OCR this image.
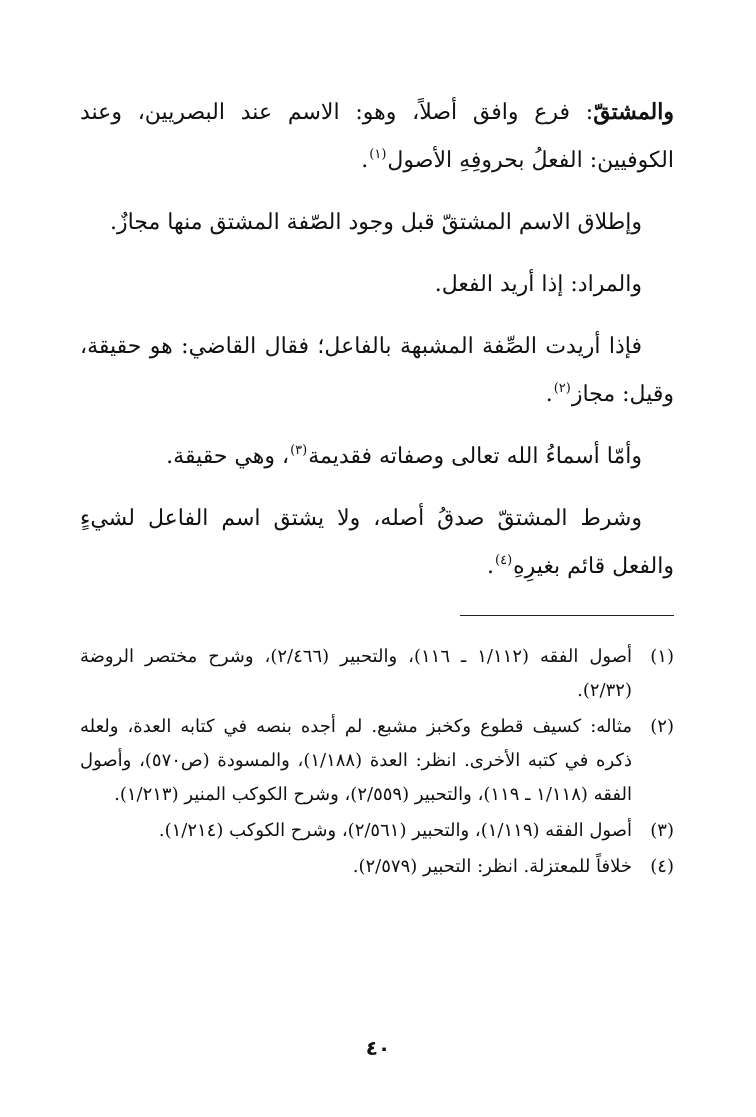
والمشتقّ: فرع وافق أصلاً، وهو: الاسم عند البصريين، وعند الكوفيين: الفعلُ بحروفِهِ الأصول$^{(١)}$.

وإطلاق الاسم المشتقّ قبل وجود الصّفة المشتق منها مجازٌ.

والمراد: إذا أريد الفعل.

فإذا أريدت الصِّفة المشبهة بالفاعل؛ فقال القاضي: هو حقيقة، وقيل: مجاز$^{(٢)}$.

وأمّا أسماءُ الله تعالى وصفاته فقديمة$^{(٣)}$، وهي حقيقة.

وشرط المشتقّ صدقُ أصله، ولا يشتق اسم الفاعل لشيءٍ والفعل قائم بغيرِهِ$^{(٤)}$.

(١)
أصول الفقه (١/١١٢ ـ ١١٦)، والتحبير (٢/٤٦٦)، وشرح مختصر الروضة (٢/٣٢).
(٢)
مثاله: كسيف قطوع وكخبز مشبع. لم أجده بنصه في كتابه العدة، ولعله ذكره في كتبه الأخرى. انظر: العدة (١/١٨٨)، والمسودة (ص٥٧٠)، وأصول الفقه (١/١١٨ ـ ١١٩)، والتحبير (٢/٥٥٩)، وشرح الكوكب المنير (١/٢١٣).
(٣)
أصول الفقه (١/١١٩)، والتحبير (٢/٥٦١)، وشرح الكوكب (١/٢١٤).
(٤)
خلافاً للمعتزلة. انظر: التحبير (٢/٥٧٩).
٤٠
